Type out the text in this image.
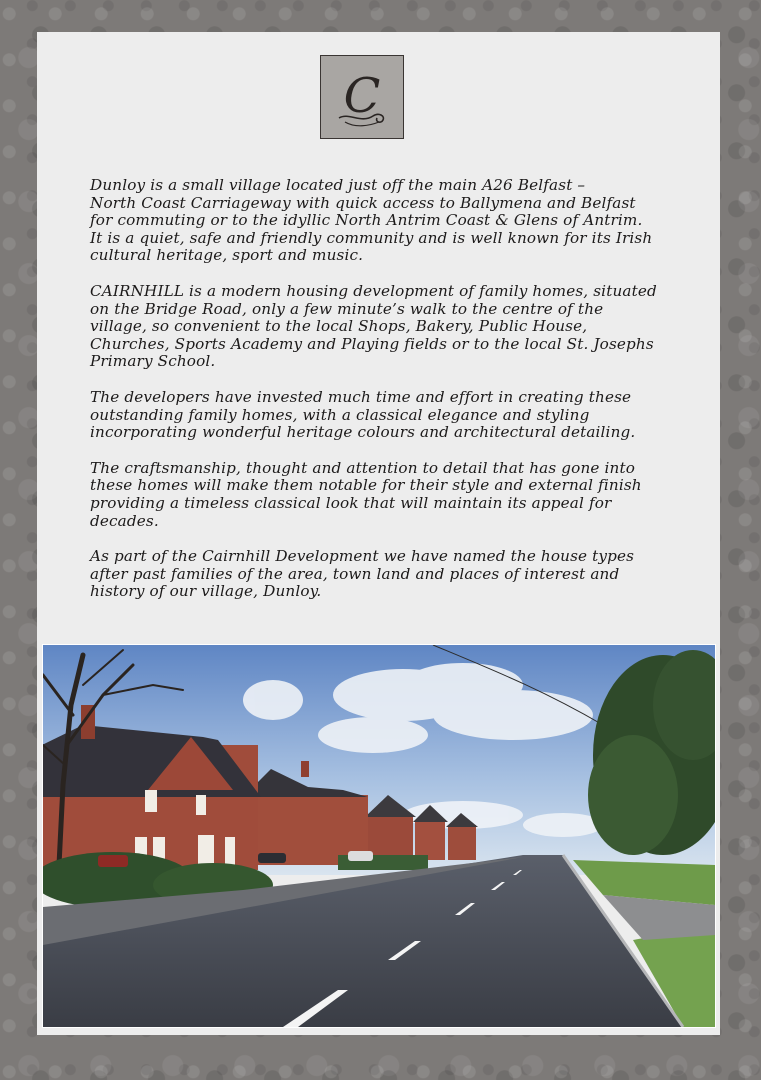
C

Dunloy is a small village located just off the main A26 Belfast –
North Coast Carriageway with quick access to Ballymena and Belfast
for commuting or to the idyllic North Antrim Coast & Glens of Antrim.
It is a quiet, safe and friendly community and is well known for its Irish
cultural heritage, sport and music.

CAIRNHILL is a modern housing development of family homes, situated
on the Bridge Road, only a few minute’s walk to the centre of the
village, so convenient to the local Shops, Bakery, Public House,
Churches, Sports Academy and Playing fields or to the local St. Josephs
Primary School.

The developers have invested much time and effort in creating these
outstanding family homes, with a classical elegance and styling
incorporating wonderful heritage colours and architectural detailing.

The craftsmanship, thought and attention to detail that has gone into
these homes will make them notable for their style and external finish
providing a timeless classical look that will maintain its appeal for
decades.

As part of the Cairnhill Development we have named the house types
after past families of the area, town land and places of interest and
history of our village, Dunloy.
